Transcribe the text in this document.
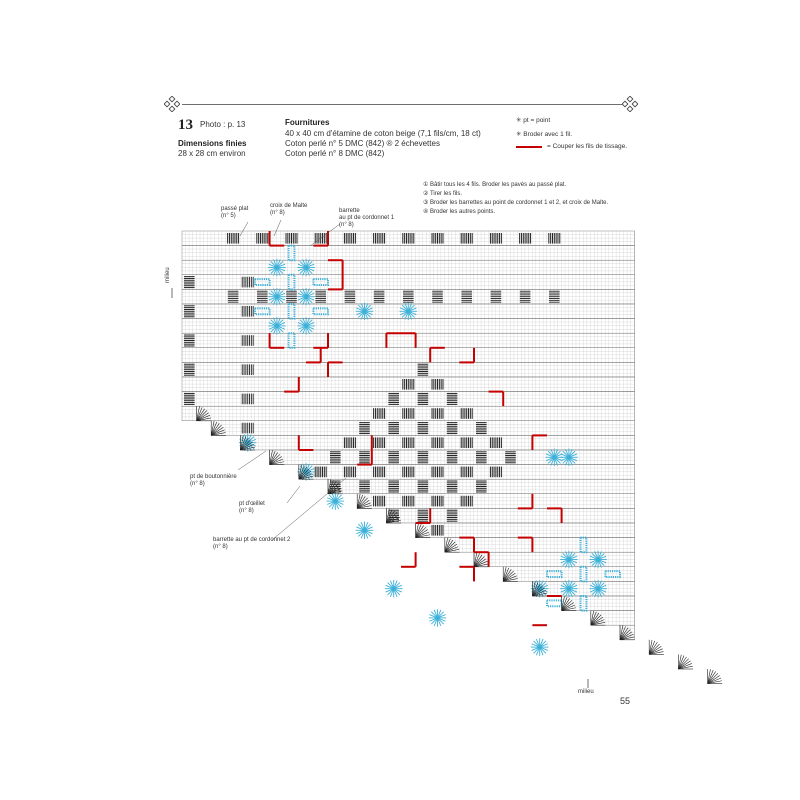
13 Photo : p. 13
Dimensions finies
28 x 28 cm environ
Fournitures
40 x 40 cm d'étamine de coton beige (7,1 fils/cm, 18 ct)
Coton perlé n° 5 DMC (842) ® 2 échevettes
Coton perlé n° 8 DMC (842)
✳ pt = point
✳ Broder avec 1 fil.
= Couper les fils de tissage.
① Bâtir tous les 4 fils. Broder les pavés au passé plat.
② Tirer les fils.
③ Broder les barrettes au point de cordonnet 1 et 2, et croix de Malte.
④ Broder les autres points.
passé plat
(n° 5)
croix de Malte
(n° 8)	barrette
au pt de cordonnet 1
(n° 8)
pt de boutonnière
(n° 8)
pt d'œillet
(n° 8)
barrette au pt de cordonnet 2
(n° 8)
milieu
milieu
55
